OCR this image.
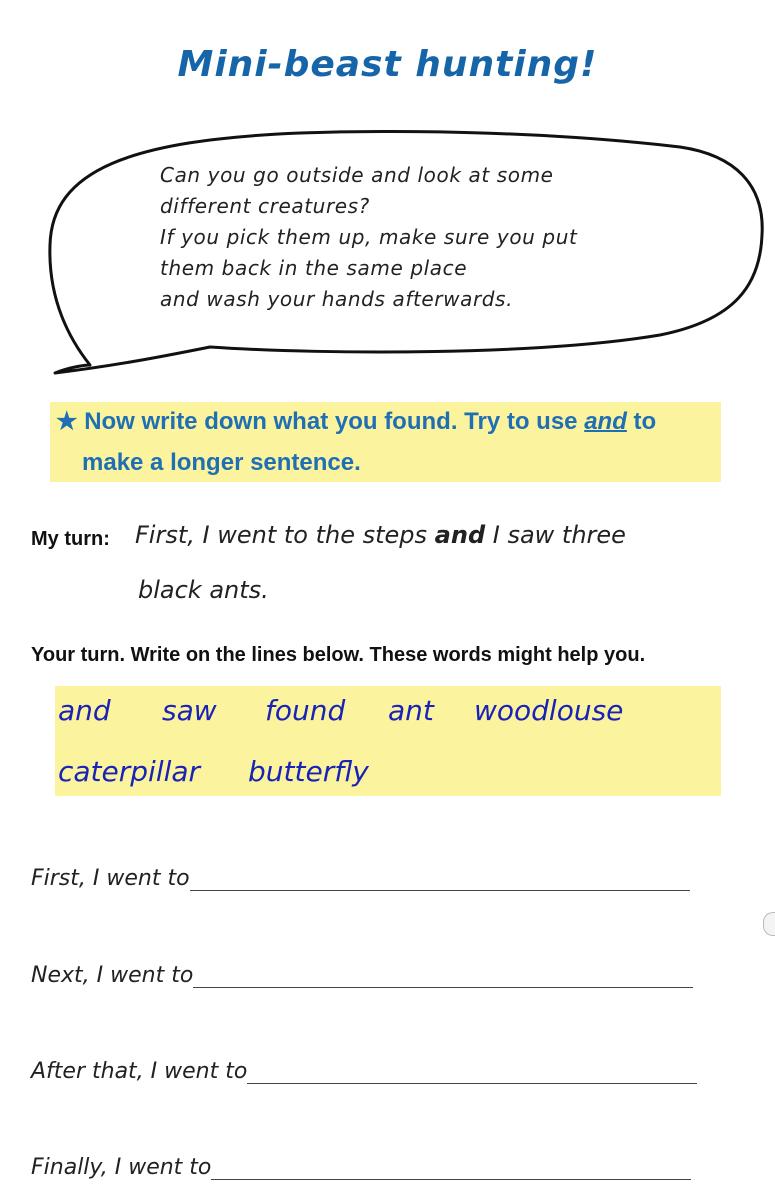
Mini-beast hunting!
Can you go outside and look at some
different creatures?
If you pick them up, make sure you put
them back in the same place
and wash your hands afterwards.
★ Now write down what you found. Try to use and to
make a longer sentence.
My turn: First, I went to the steps and I saw three
black ants.
Your turn. Write on the lines below. These words might help you.
and saw found ant woodlouse
caterpillar butterfly
First, I went to
Next, I went to
After that, I went to
Finally, I went to
